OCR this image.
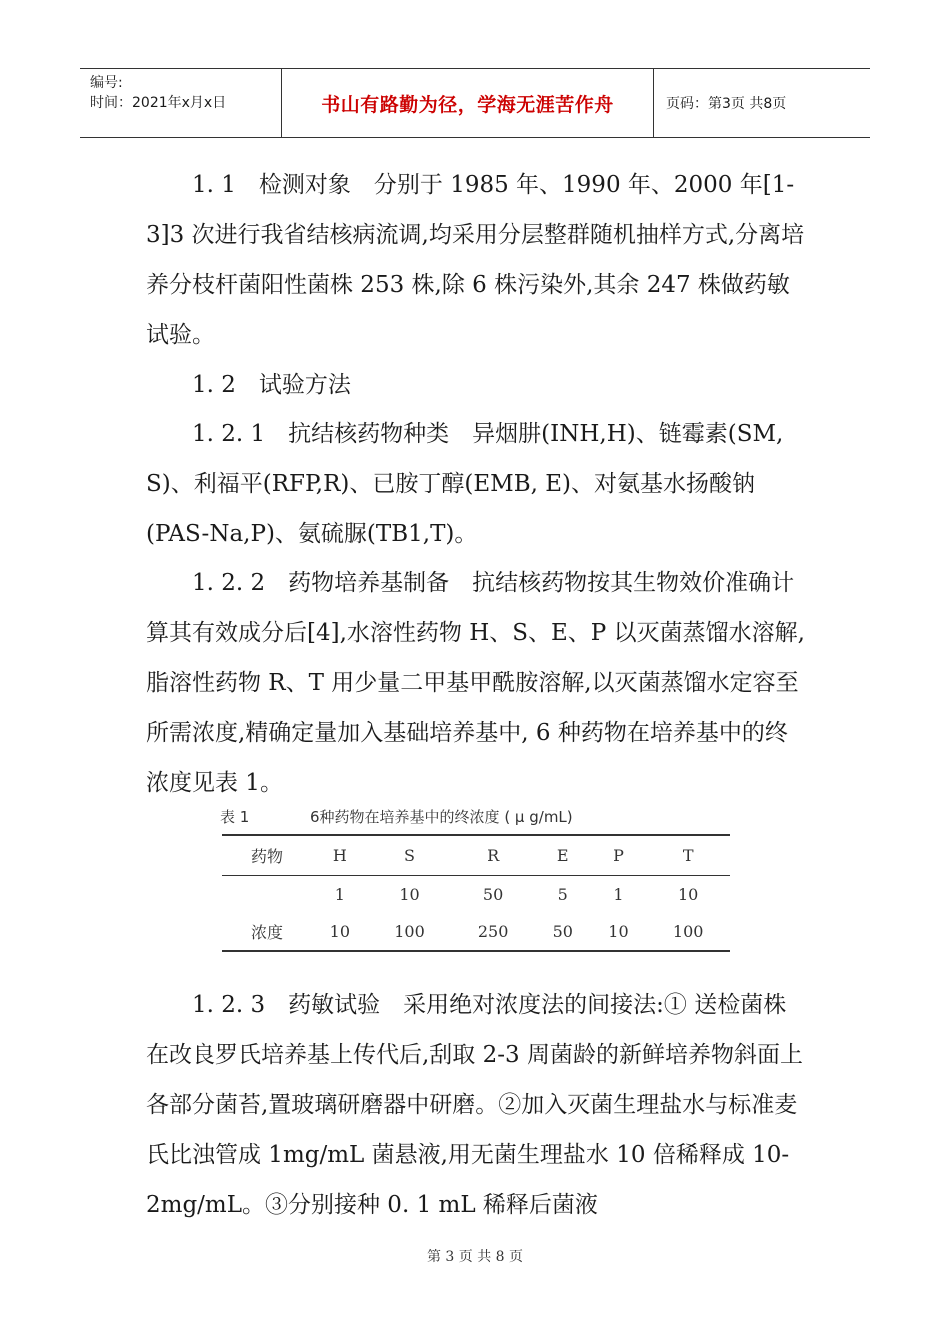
编号:
时间：2021年x月x日	书山有路勤为径，学海无涯苦作舟	页码：第3页 共8页

1. 1　检测对象　分别于 1985 年、1990 年、2000 年[1-3]3 次进行我省结核病流调,均采用分层整群随机抽样方式,分离培养分枝杆菌阳性菌株 253 株,除 6 株污染外,其余 247 株做药敏试验。

1. 2　试验方法

1. 2. 1　抗结核药物种类　异烟肼(INH,H)、链霉素(SM, S)、利福平(RFP,R)、已胺丁醇(EMB, E)、对氨基水扬酸钠(PAS-Na,P)、氨硫脲(TB1,T)。

1. 2. 2　药物培养基制备　抗结核药物按其生物效价准确计算其有效成分后[4],水溶性药物 H、S、E、P 以灭菌蒸馏水溶解,脂溶性药物 R、T 用少量二甲基甲酰胺溶解,以灭菌蒸馏水定容至所需浓度,精确定量加入基础培养基中, 6 种药物在培养基中的终浓度见表 1。

表 1	6种药物在培养基中的终浓度 ( μ g/mL)
药物	H	S	R	E	P	T
	1	10	50	5	1	10
浓度	10	100	250	50	10	100

1. 2. 3　药敏试验　采用绝对浓度法的间接法:① 送检菌株在改良罗氏培养基上传代后,刮取 2-3 周菌龄的新鲜培养物斜面上各部分菌苔,置玻璃研磨器中研磨。②加入灭菌生理盐水与标准麦氏比浊管成 1mg/mL 菌悬液,用无菌生理盐水 10 倍稀释成 10-2mg/mL。③分别接种 0. 1 mL 稀释后菌液

第 3 页 共 8 页
